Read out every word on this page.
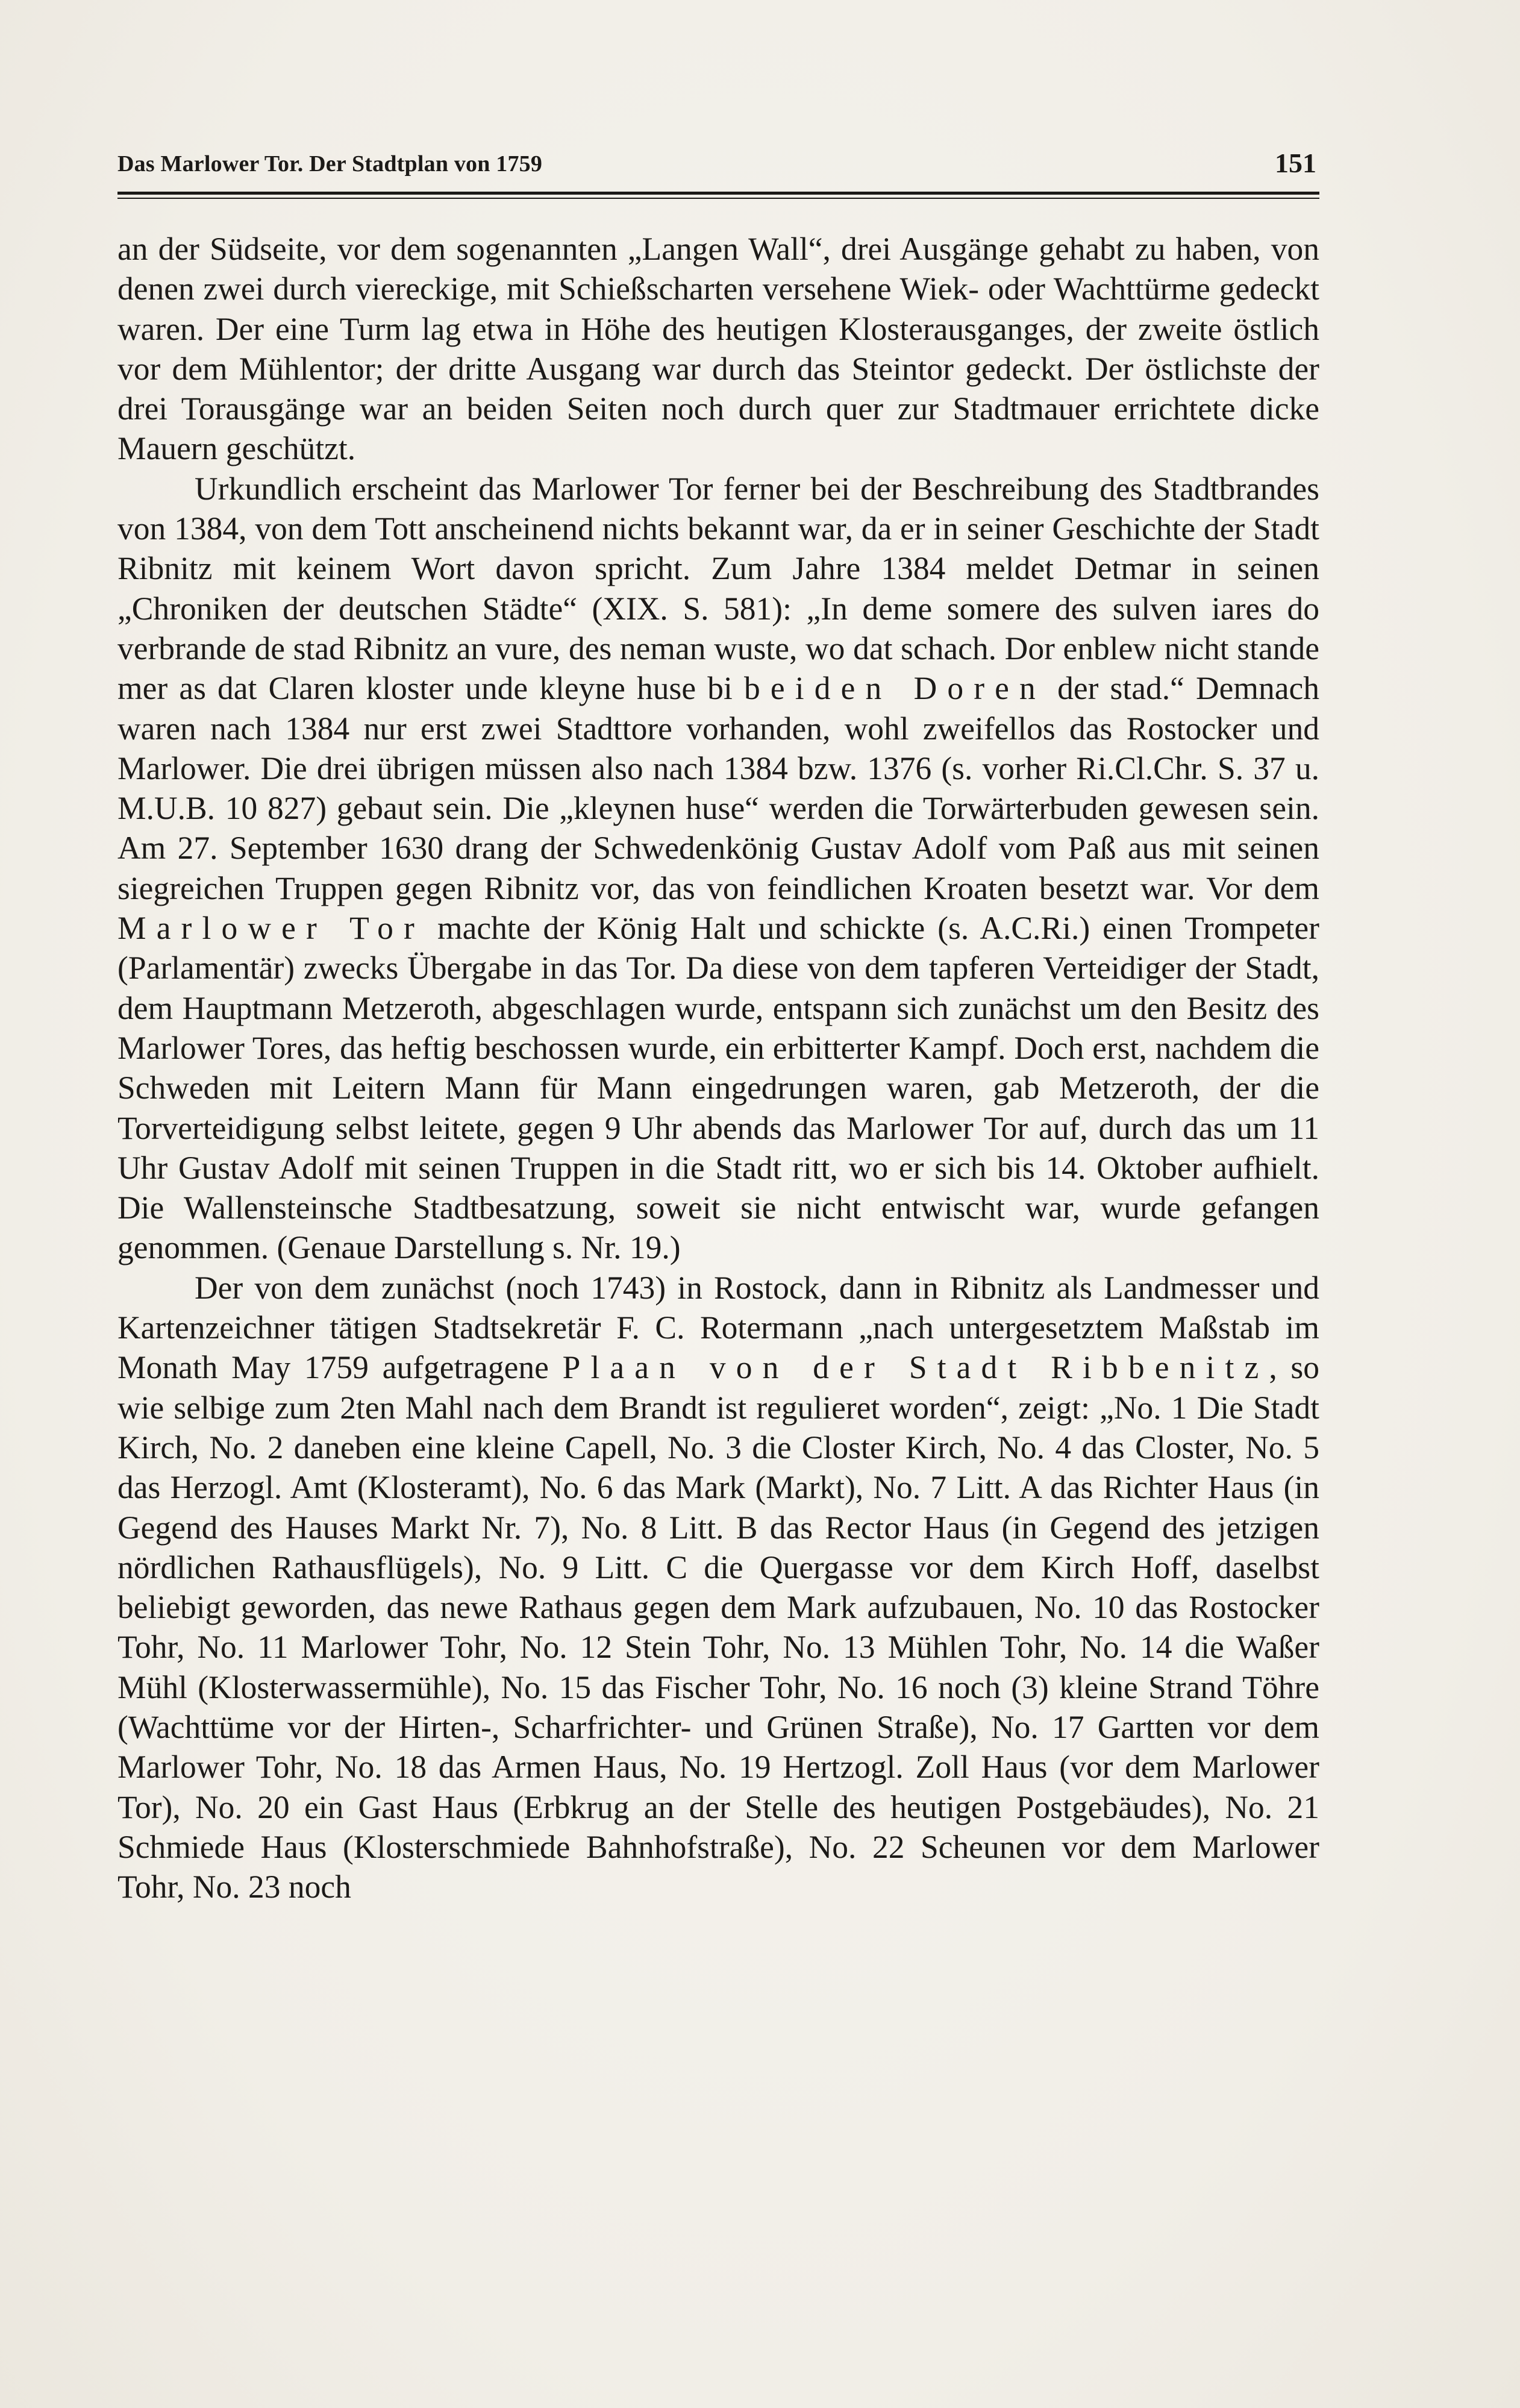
Das Marlower Tor. Der Stadtplan von 1759	151

an der Südseite, vor dem sogenannten „Langen Wall“, drei Ausgänge gehabt zu haben, von denen zwei durch viereckige, mit Schießscharten versehene Wiek- oder Wachttürme gedeckt waren. Der eine Turm lag etwa in Höhe des heutigen Klosterausganges, der zweite östlich vor dem Mühlentor; der dritte Ausgang war durch das Steintor gedeckt. Der östlichste der drei Torausgänge war an beiden Seiten noch durch quer zur Stadtmauer errichtete dicke Mauern geschützt.

Urkundlich erscheint das Marlower Tor ferner bei der Beschreibung des Stadtbrandes von 1384, von dem Tott anscheinend nichts bekannt war, da er in seiner Geschichte der Stadt Ribnitz mit keinem Wort davon spricht. Zum Jahre 1384 meldet Detmar in seinen „Chroniken der deutschen Städte“ (XIX. S. 581): „In deme somere des sulven iares do verbrande de stad Ribnitz an vure, des neman wuste, wo dat schach. Dor enblew nicht stande mer as dat Claren kloster unde kleyne huse bi beiden Doren der stad.“ Demnach waren nach 1384 nur erst zwei Stadttore vorhanden, wohl zweifellos das Rostocker und Marlower. Die drei übrigen müssen also nach 1384 bzw. 1376 (s. vorher Ri.Cl.Chr. S. 37 u. M.U.B. 10 827) gebaut sein. Die „kleynen huse“ werden die Torwärterbuden gewesen sein. Am 27. September 1630 drang der Schwedenkönig Gustav Adolf vom Paß aus mit seinen siegreichen Truppen gegen Ribnitz vor, das von feindlichen Kroaten besetzt war. Vor dem Marlower Tor machte der König Halt und schickte (s. A.C.Ri.) einen Trompeter (Parlamentär) zwecks Übergabe in das Tor. Da diese von dem tapferen Verteidiger der Stadt, dem Hauptmann Metzeroth, abgeschlagen wurde, entspann sich zunächst um den Besitz des Marlower Tores, das heftig beschossen wurde, ein erbitterter Kampf. Doch erst, nachdem die Schweden mit Leitern Mann für Mann eingedrungen waren, gab Metzeroth, der die Torverteidigung selbst leitete, gegen 9 Uhr abends das Marlower Tor auf, durch das um 11 Uhr Gustav Adolf mit seinen Truppen in die Stadt ritt, wo er sich bis 14. Oktober aufhielt. Die Wallensteinsche Stadtbesatzung, soweit sie nicht entwischt war, wurde gefangen genommen. (Genaue Darstellung s. Nr. 19.)

Der von dem zunächst (noch 1743) in Rostock, dann in Ribnitz als Landmesser und Kartenzeichner tätigen Stadtsekretär F. C. Rotermann „nach untergesetztem Maßstab im Monath May 1759 aufgetragene Plaan von der Stadt Ribbenitz, so wie selbige zum 2ten Mahl nach dem Brandt ist regulieret worden“, zeigt: „No. 1 Die Stadt Kirch, No. 2 daneben eine kleine Capell, No. 3 die Closter Kirch, No. 4 das Closter, No. 5 das Herzogl. Amt (Klosteramt), No. 6 das Mark (Markt), No. 7 Litt. A das Richter Haus (in Gegend des Hauses Markt Nr. 7), No. 8 Litt. B das Rector Haus (in Gegend des jetzigen nördlichen Rathausflügels), No. 9 Litt. C die Quergasse vor dem Kirch Hoff, daselbst beliebigt geworden, das newe Rathaus gegen dem Mark aufzubauen, No. 10 das Rostocker Tohr, No. 11 Marlower Tohr, No. 12 Stein Tohr, No. 13 Mühlen Tohr, No. 14 die Waßer Mühl (Klosterwassermühle), No. 15 das Fischer Tohr, No. 16 noch (3) kleine Strand Töhre (Wachttüme vor der Hirten-, Scharfrichter- und Grünen Straße), No. 17 Gartten vor dem Marlower Tohr, No. 18 das Armen Haus, No. 19 Hertzogl. Zoll Haus (vor dem Marlower Tor), No. 20 ein Gast Haus (Erbkrug an der Stelle des heutigen Postgebäudes), No. 21 Schmiede Haus (Klosterschmiede Bahnhofstraße), No. 22 Scheunen vor dem Marlower Tohr, No. 23 noch
